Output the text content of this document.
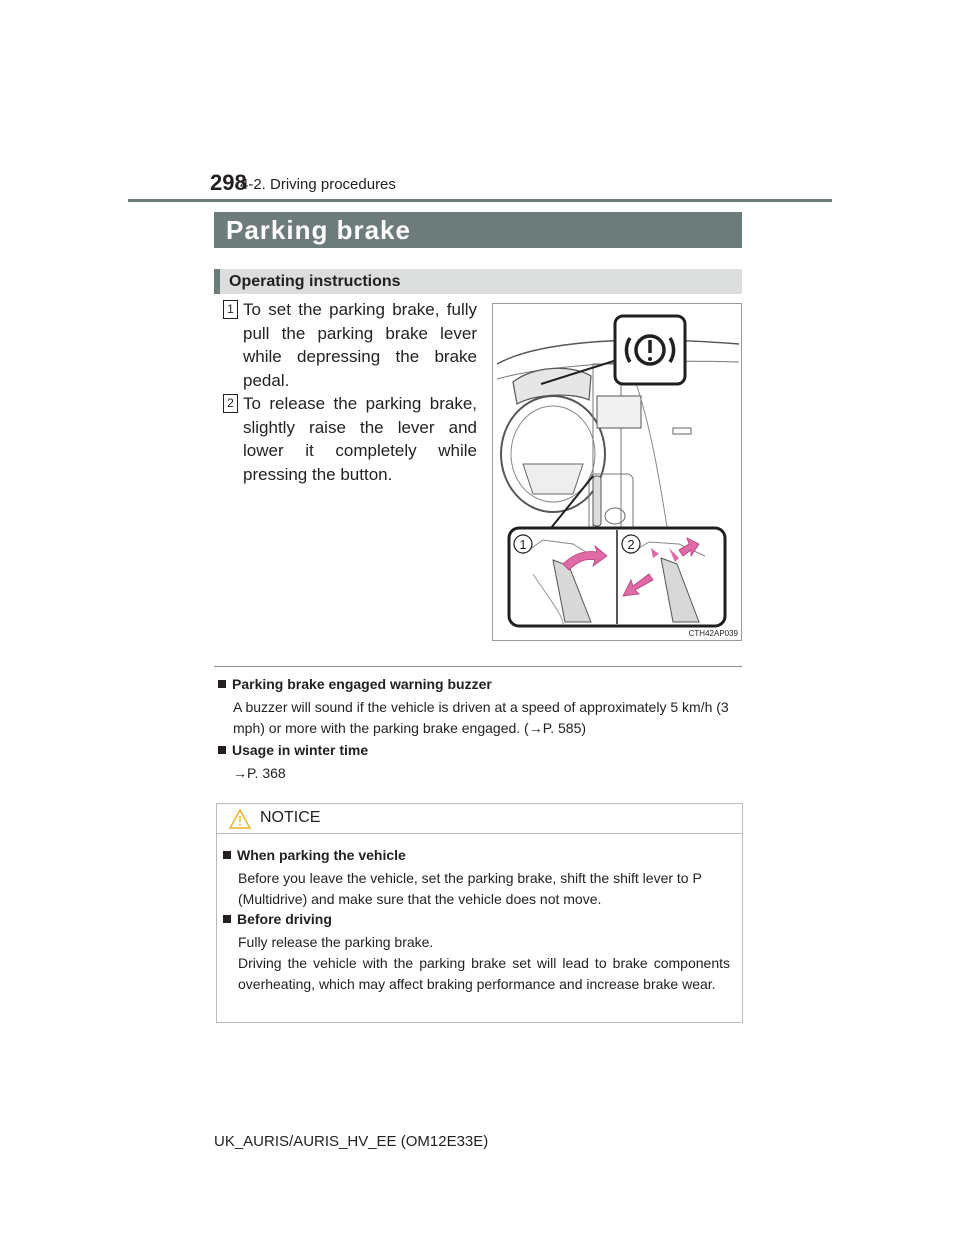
298
4-2. Driving procedures
Parking brake
Operating instructions
1 To set the parking brake, fully pull the parking brake lever while depressing the brake pedal.
2 To release the parking brake, slightly raise the lever and lower it completely while pressing the button.
1	2
CTH42AP039
Parking brake engaged warning buzzer
A buzzer will sound if the vehicle is driven at a speed of approximately 5 km/h (3 mph) or more with the parking brake engaged. (→P. 585)
Usage in winter time
→P. 368
NOTICE
When parking the vehicle
Before you leave the vehicle, set the parking brake, shift the shift lever to P (Multidrive) and make sure that the vehicle does not move.
Before driving
Fully release the parking brake.
Driving the vehicle with the parking brake set will lead to brake components overheating, which may affect braking performance and increase brake wear.
UK_AURIS/AURIS_HV_EE (OM12E33E)
